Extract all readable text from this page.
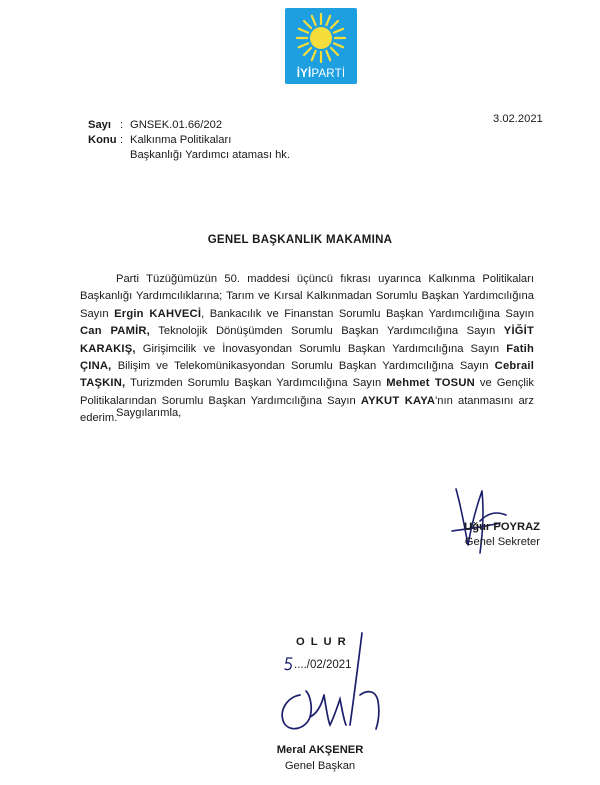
İYİPARTİ
Sayı : GNSEK.01.66/202
Konu : Kalkınma Politikaları
Başkanlığı Yardımcı ataması hk.
3.02.2021
GENEL BAŞKANLIK MAKAMINA

Parti Tüzüğümüzün 50. maddesi üçüncü fıkrası uyarınca Kalkınma Politikaları Başkanlığı Yardımcılıklarına; Tarım ve Kırsal Kalkınmadan Sorumlu Başkan Yardımcılığına Sayın Ergin KAHVECİ, Bankacılık ve Finanstan Sorumlu Başkan Yardımcılığına Sayın Can PAMİR, Teknolojik Dönüşümden Sorumlu Başkan Yardımcılığına Sayın YİĞİT KARAKIŞ, Girişimcilik ve İnovasyondan Sorumlu Başkan Yardımcılığına Sayın Fatih ÇINA, Bilişim ve Telekomünikasyondan Sorumlu Başkan Yardımcılığına Sayın Cebrail TAŞKIN, Turizmden Sorumlu Başkan Yardımcılığına Sayın Mehmet TOSUN ve Gençlik Politikalarından Sorumlu Başkan Yardımcılığına Sayın AYKUT KAYA'nın atanmasını arz ederim.

Saygılarımla,
Uğur POYRAZ
Genel Sekreter
OLUR
..../02/2021
Meral AKŞENER
Genel Başkan
